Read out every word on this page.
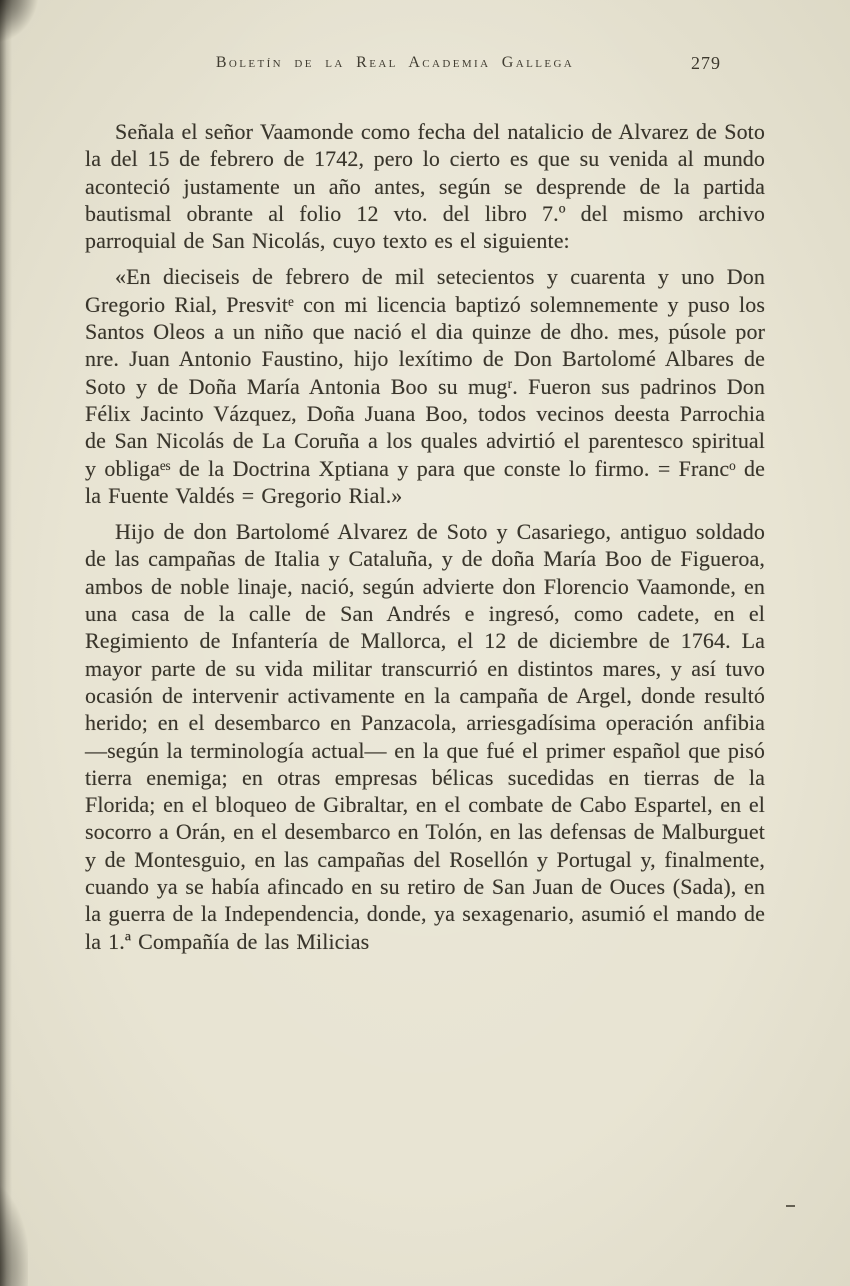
Boletín de la Real Academia Gallega	279

Señala el señor Vaamonde como fecha del natalicio de Alvarez de Soto la del 15 de febrero de 1742, pero lo cierto es que su venida al mundo aconteció justamente un año antes, según se desprende de la partida bautismal obrante al folio 12 vto. del libro 7.º del mismo archivo parroquial de San Nicolás, cuyo texto es el siguiente:

«En dieciseis de febrero de mil setecientos y cuarenta y uno Don Gregorio Rial, Presvitᵉ con mi licencia baptizó solemnemente y puso los Santos Oleos a un niño que nació el dia quinze de dho. mes, púsole por nre. Juan Antonio Faustino, hijo lexítimo de Don Bartolomé Albares de Soto y de Doña María Antonia Boo su mugʳ. Fueron sus padrinos Don Félix Jacinto Vázquez, Doña Juana Boo, todos vecinos deesta Parrochia de San Nicolás de La Coruña a los quales advirtió el parentesco spiritual y obligaᵉˢ de la Doctrina Xptiana y para que conste lo firmo. = Francᵒ de la Fuente Valdés = Gregorio Rial.»

Hijo de don Bartolomé Alvarez de Soto y Casariego, antiguo soldado de las campañas de Italia y Cataluña, y de doña María Boo de Figueroa, ambos de noble linaje, nació, según advierte don Florencio Vaamonde, en una casa de la calle de San Andrés e ingresó, como cadete, en el Regimiento de Infantería de Mallorca, el 12 de diciembre de 1764. La mayor parte de su vida militar transcurrió en distintos mares, y así tuvo ocasión de intervenir activamente en la campaña de Argel, donde resultó herido; en el desembarco en Panzacola, arriesgadísima operación anfibia —según la terminología actual— en la que fué el primer español que pisó tierra enemiga; en otras empresas bélicas sucedidas en tierras de la Florida; en el bloqueo de Gibraltar, en el combate de Cabo Espartel, en el socorro a Orán, en el desembarco en Tolón, en las defensas de Malburguet y de Montesguio, en las campañas del Rosellón y Portugal y, finalmente, cuando ya se había afincado en su retiro de San Juan de Ouces (Sada), en la guerra de la Independencia, donde, ya sexagenario, asumió el mando de la 1.ª Compañía de las Milicias
